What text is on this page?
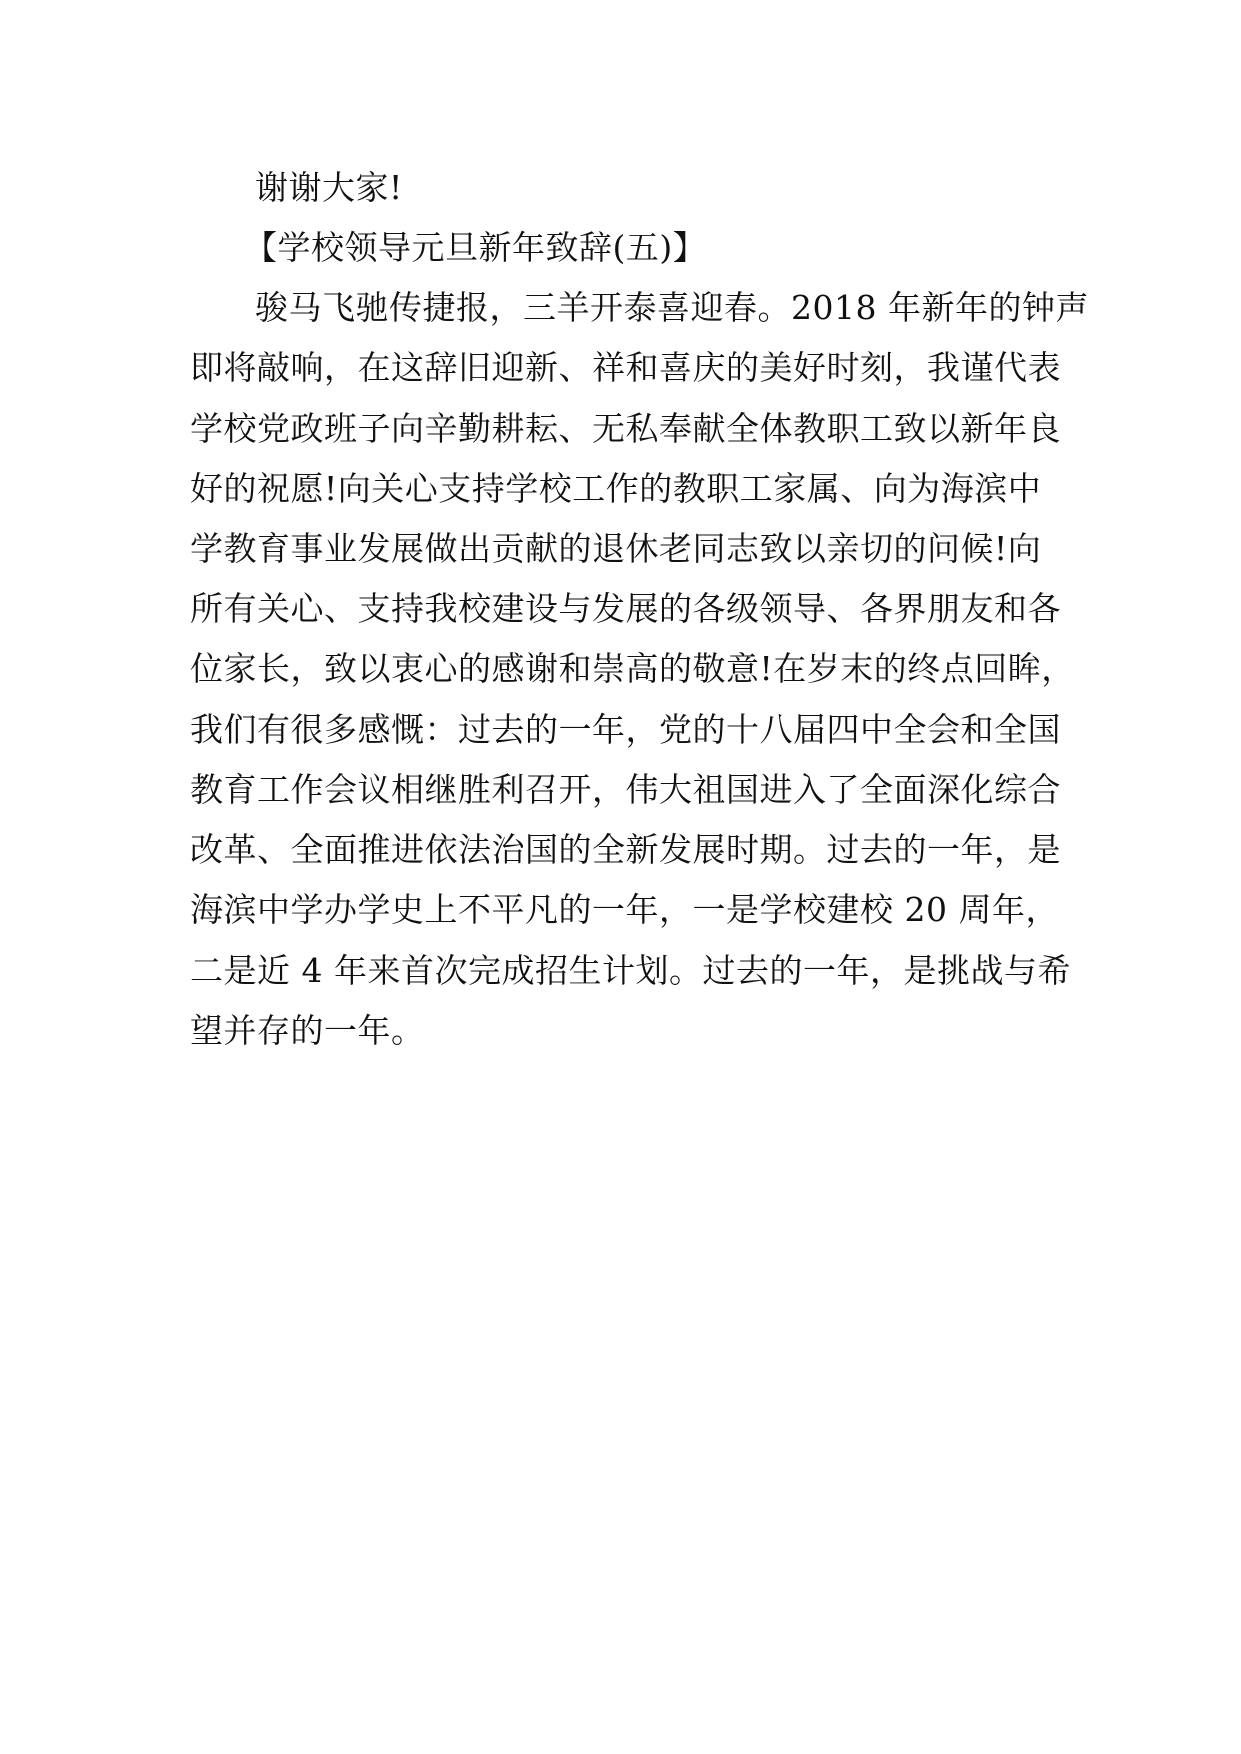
谢谢大家!
【学校领导元旦新年致辞(五)】
骏马飞驰传捷报，三羊开泰喜迎春。2018 年新年的钟声
即将敲响，在这辞旧迎新、祥和喜庆的美好时刻，我谨代表
学校党政班子向辛勤耕耘、无私奉献全体教职工致以新年良
好的祝愿!向关心支持学校工作的教职工家属、向为海滨中
学教育事业发展做出贡献的退休老同志致以亲切的问候!向
所有关心、支持我校建设与发展的各级领导、各界朋友和各
位家长，致以衷心的感谢和崇高的敬意!在岁末的终点回眸，
我们有很多感慨：过去的一年，党的十八届四中全会和全国
教育工作会议相继胜利召开，伟大祖国进入了全面深化综合
改革、全面推进依法治国的全新发展时期。过去的一年，是
海滨中学办学史上不平凡的一年，一是学校建校 20 周年，
二是近 4 年来首次完成招生计划。过去的一年，是挑战与希
望并存的一年。
